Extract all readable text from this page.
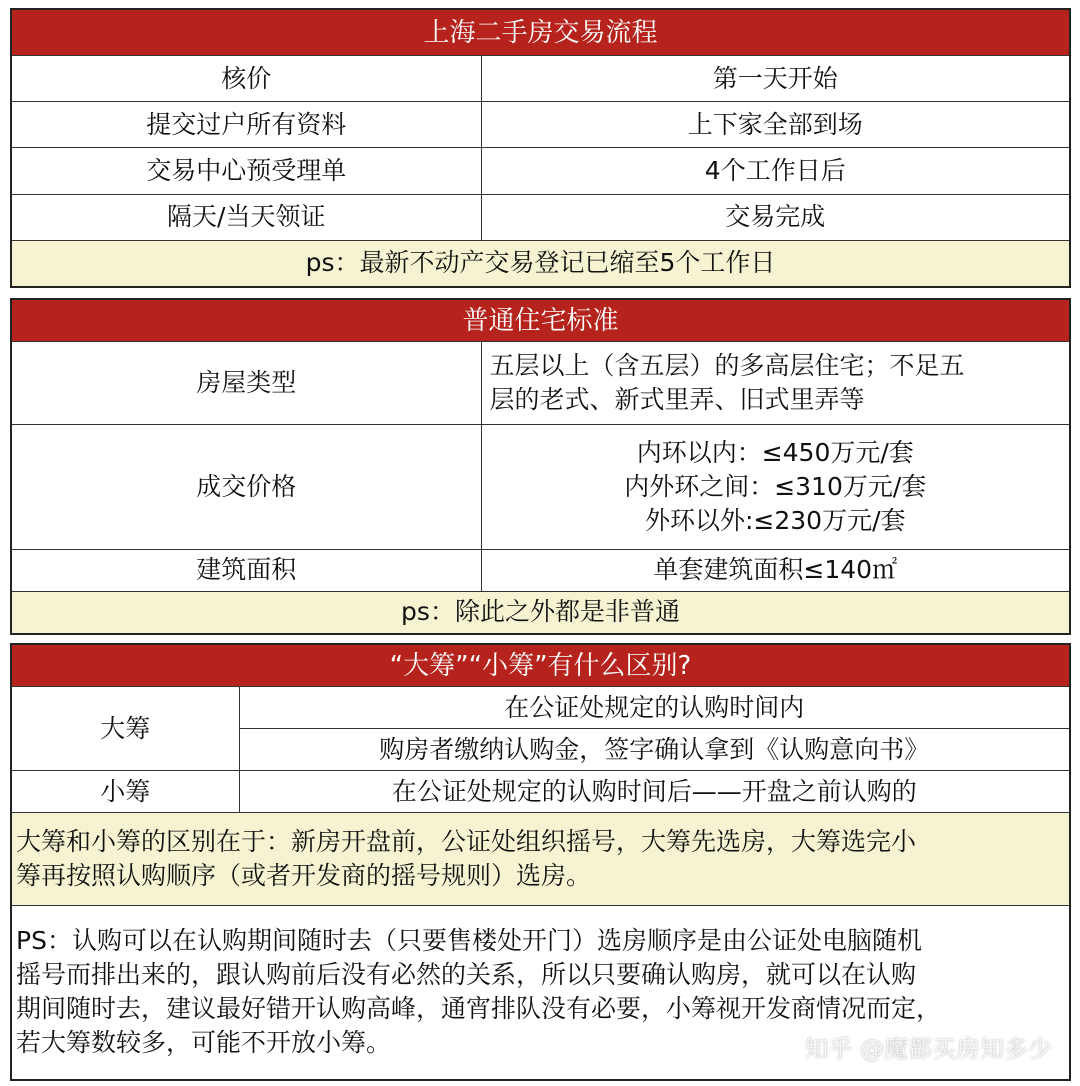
上海二手房交易流程	
核价	第一天开始
提交过户所有资料	上下家全部到场
交易中心预受理单	4个工作日后
隔天/当天领证	交易完成
ps：最新不动产交易登记已缩至5个工作日	
普通住宅标准	
房屋类型	五层以上（含五层）的多高层住宅；不足五
层的老式、新式里弄、旧式里弄等

成交价格	内环以内：≤450万元/套
内外环之间：≤310万元/套
外环以外:≤230万元/套

建筑面积	单套建筑面积≤140㎡
ps：除此之外都是非普通	
“大筹”“小筹”有什么区别?	
大筹	在公证处规定的认购时间内
	购房者缴纳认购金，签字确认拿到《认购意向书》
小筹	在公证处规定的认购时间后——开盘之前认购的

大筹和小筹的区别在于：新房开盘前，公证处组织摇号，大筹先选房，大筹选完小
筹再按照认购顺序（或者开发商的摇号规则）选房。	

PS：认购可以在认购期间随时去（只要售楼处开门）选房顺序是由公证处电脑随机
摇号而排出来的，跟认购前后没有必然的关系，所以只要确认购房，就可以在认购
期间随时去，建议最好错开认购高峰，通宵排队没有必要，小筹视开发商情况而定，
若大筹数较多，可能不开放小筹。		知乎 @魔都买房知多少
